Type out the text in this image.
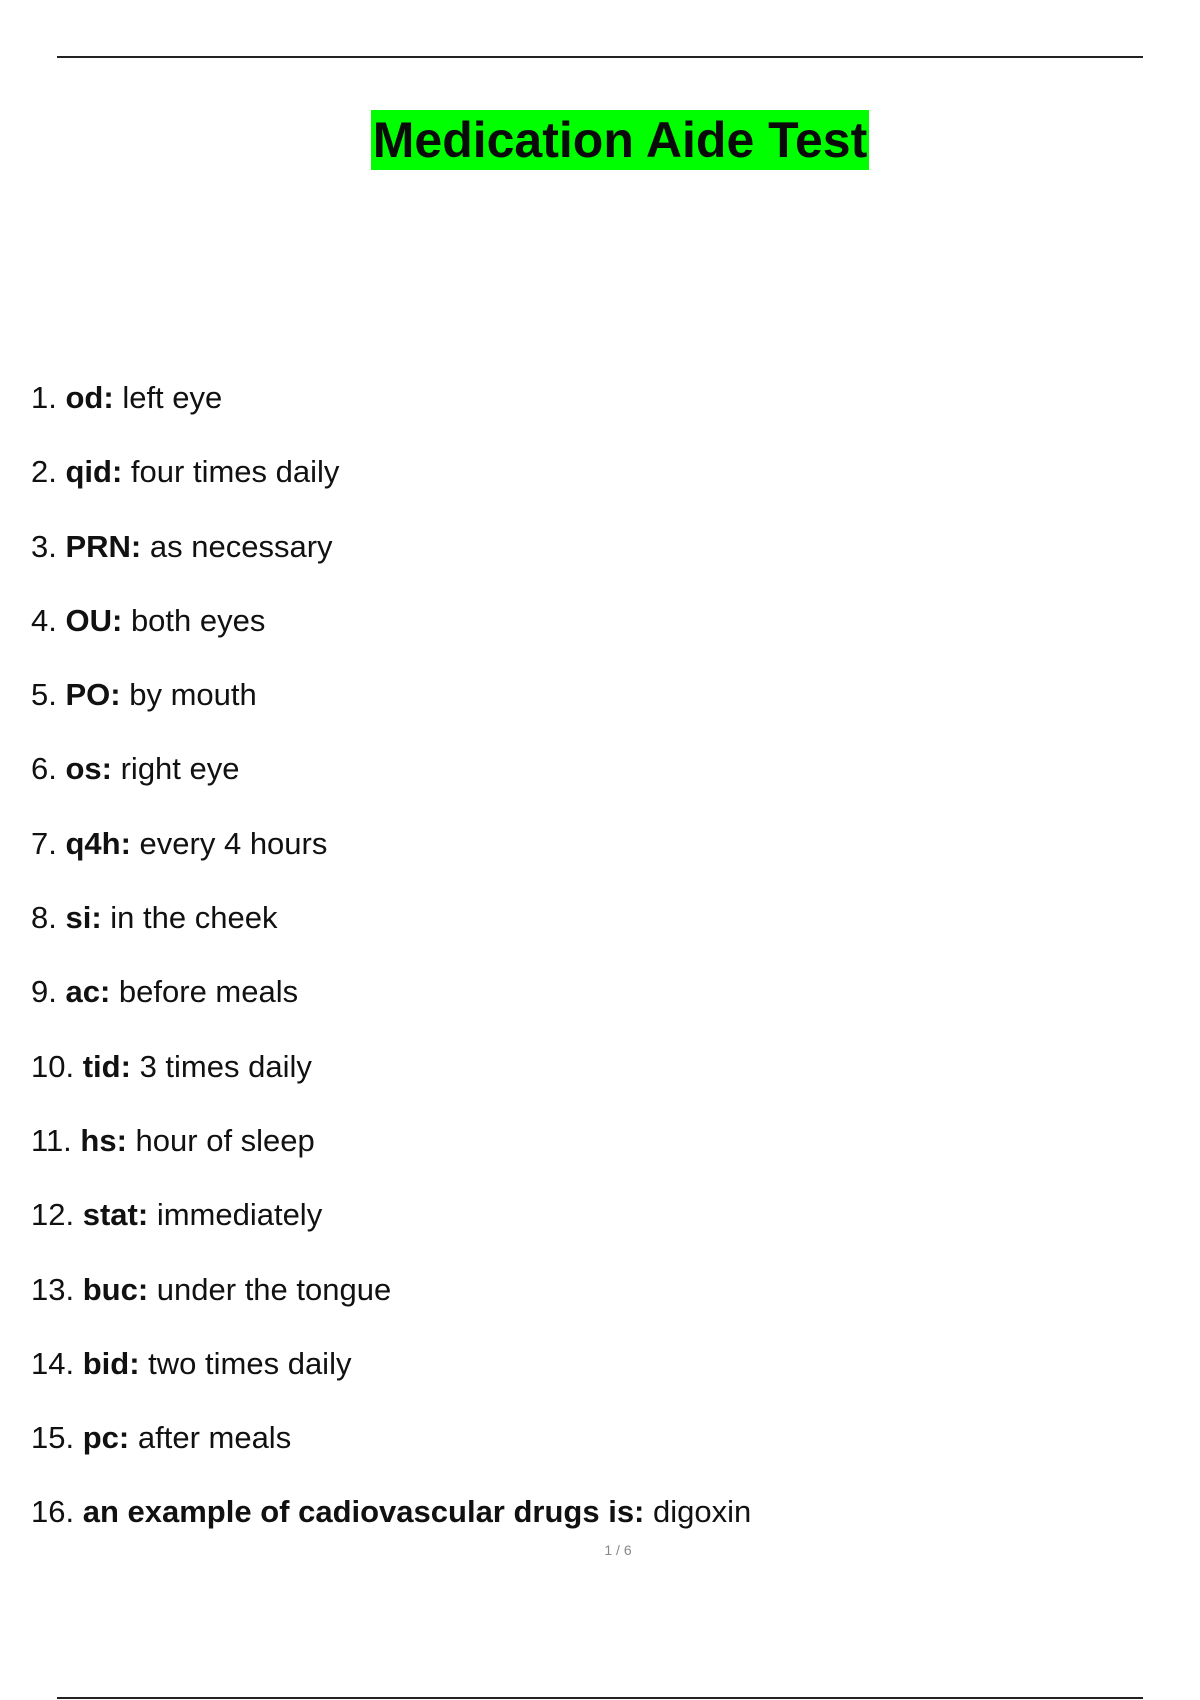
Medication Aide Test
1. od: left eye
2. qid: four times daily
3. PRN: as necessary
4. OU: both eyes
5. PO: by mouth
6. os: right eye
7. q4h: every 4 hours
8. si: in the cheek
9. ac: before meals
10. tid: 3 times daily
11. hs: hour of sleep
12. stat: immediately
13. buc: under the tongue
14. bid: two times daily
15. pc: after meals
16. an example of cadiovascular drugs is: digoxin
1 / 6
